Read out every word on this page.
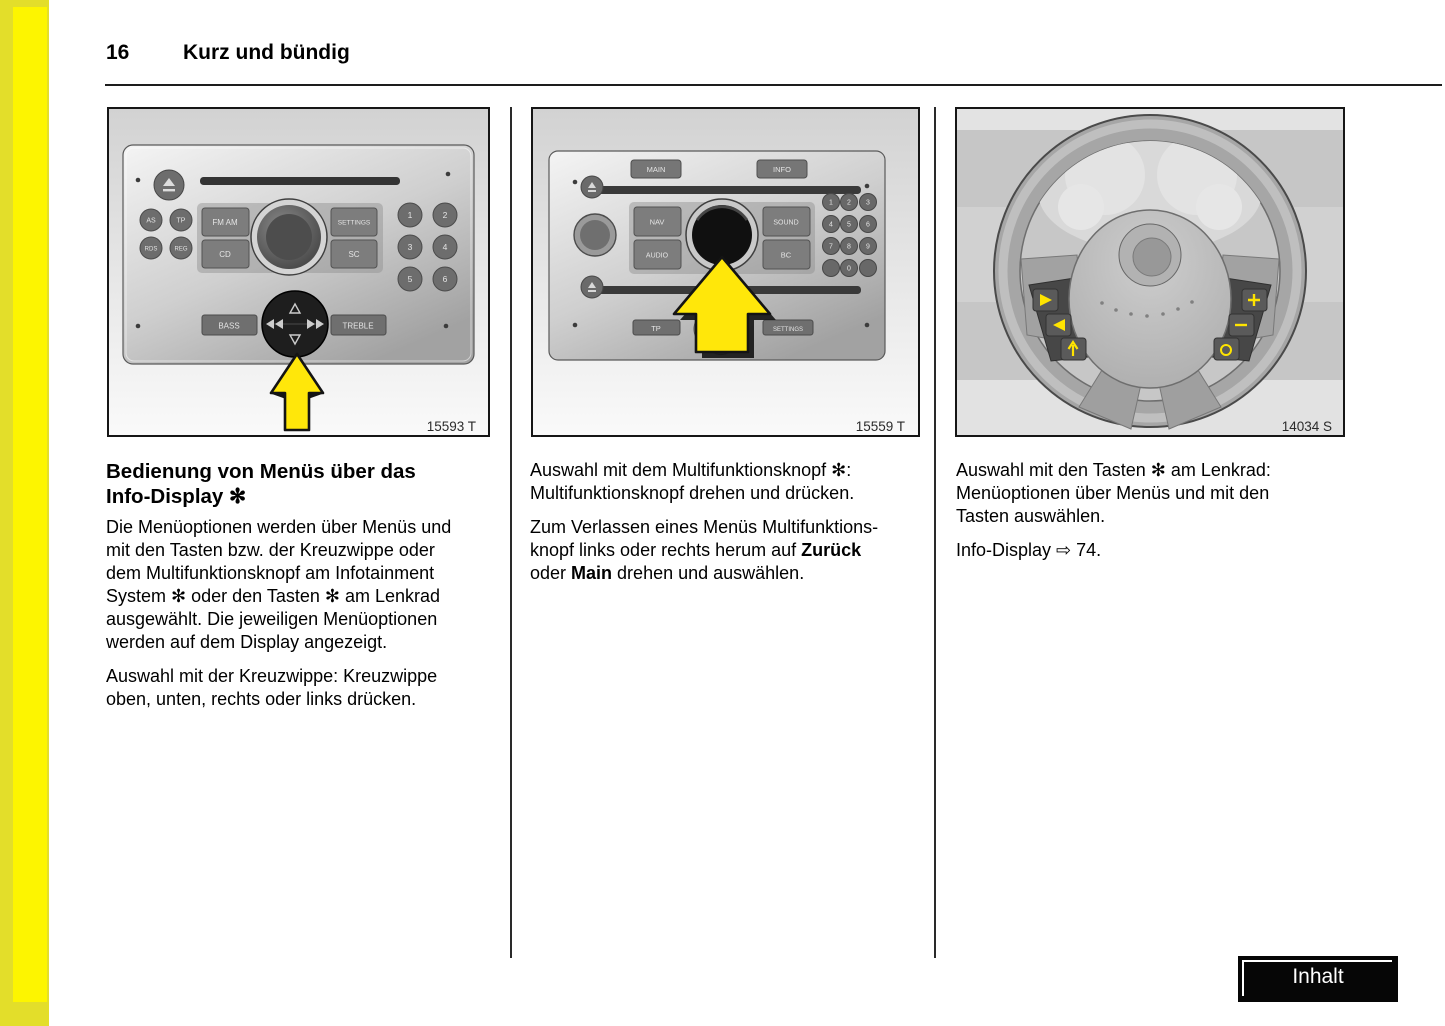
16	Kurz und bündig
AS	TP
RDS	REG
FM AM
CD
SETTINGS
SC
1	2
3	4
5	6
BASS	TREBLE
15593 T
MAIN	INFO
NAV
AUDIO
SOUND
BC
1 2 3
4 5 6
7 8 9
0
TP	SETTINGS
15559 T	14034 S
Bedienung von Menüs über das
Info-Display ✻

Die Menüoptionen werden über Menüs und
mit den Tasten bzw. der Kreuzwippe oder
dem Multifunktionsknopf am Infotainment
System ✻ oder den Tasten ✻ am Lenkrad
ausgewählt. Die jeweiligen Menüoptionen
werden auf dem Display angezeigt.

Auswahl mit der Kreuzwippe: Kreuzwippe
oben, unten, rechts oder links drücken.

Auswahl mit dem Multifunktionsknopf ✻:
Multifunktionsknopf drehen und drücken.

Zum Verlassen eines Menüs Multifunktions-
knopf links oder rechts herum auf Zurück
oder Main drehen und auswählen.

Auswahl mit den Tasten ✻ am Lenkrad:
Menüoptionen über Menüs und mit den
Tasten auswählen.

Info-Display ⇨ 74.

Inhalt
